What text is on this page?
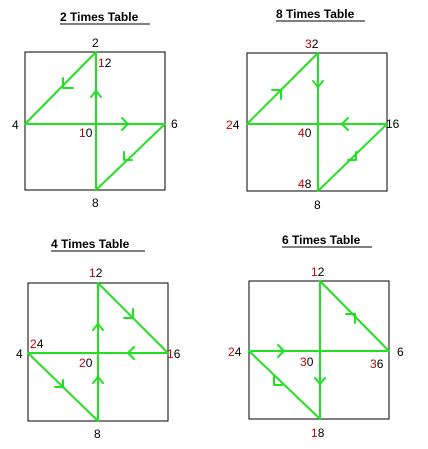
2 Times Table
2
12
4
10
6
8
8 Times Table
32
24
40
16
48
8
4 Times Table
12
4
24
20
16
8
6 Times Table
12
24
30	36
18
6
